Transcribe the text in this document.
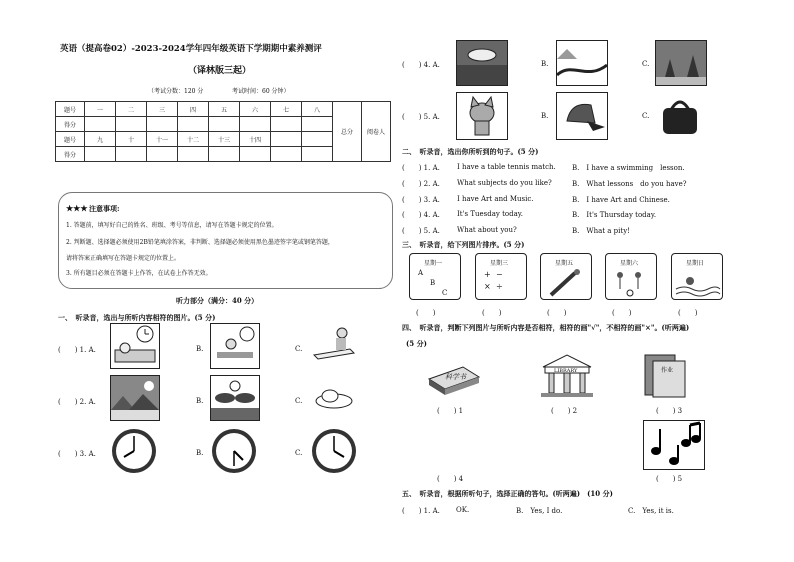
英语（提高卷02）-2023-2024学年四年级英语下学期期中素养测评
（译林版三起）
（考试分数：120 分	考试时间：60 分钟）
题号	一	二	三	四	五	六	七	八	总分	阅卷人
得分										
题号	九	十	十一	十二	十三	十四				
得分										
★★★ 注意事项:
1. 答题前，填写好自己的姓名、班级、考号等信息，请写在答题卡规定的位置。
2. 判断题、选择题必须使用2B铅笔填涂答案，非判断、选择题必须使用黑色墨迹签字笔或钢笔答题，
请将答案正确填写在答题卡规定的位置上。
3. 所有题目必须在答题卡上作答，在试卷上作答无效。
听力部分（满分：40 分）
一、　听录音，选出与所听内容相符的图片。(5 分)
(　　) 1. A.	B.	C.
(　　) 2. A.	B.	C.
(　　) 3. A.	B.	C.
(　　) 4. A.	B.	C.
(　　) 5. A.	B.	C.
二、　听录音，选出你所听到的句子。(5 分)
(　　) 1. A. I have a table tennis match. B.　I have a swimming　lesson.
(　　) 2. A. What subjects do you like?	B.　What lessons　do you have?
(　　) 3. A. I have Art and Music.	B.　I have Art and Chinese.
(　　) 4. A. It's Tuesday today.	B.　It's Thursday today.
(　　) 5. A. What about you?	B.　What a pity!
三、　听录音，给下列图片排序。(5 分)
星期一
A
B
C
星期三
+ −
× ÷
星期五	星期六	星期日
(　　)	(　　)	(　　)	(　　)	(　　)
四、　听录音，判断下列图片与所听内容是否相符，相符的画"√"，不相符的画"×"。(听两遍)
(5 分)
科学书
LIBRARY	作业
(　　) 1	(　　) 2	(　　) 3
(　　) 4	(　　) 5
五、　听录音，根据所听句子，选择正确的答句。(听两遍)　(10 分)
(　　) 1. A. OK.	B.　Yes, I do.	C.　Yes, it is.
